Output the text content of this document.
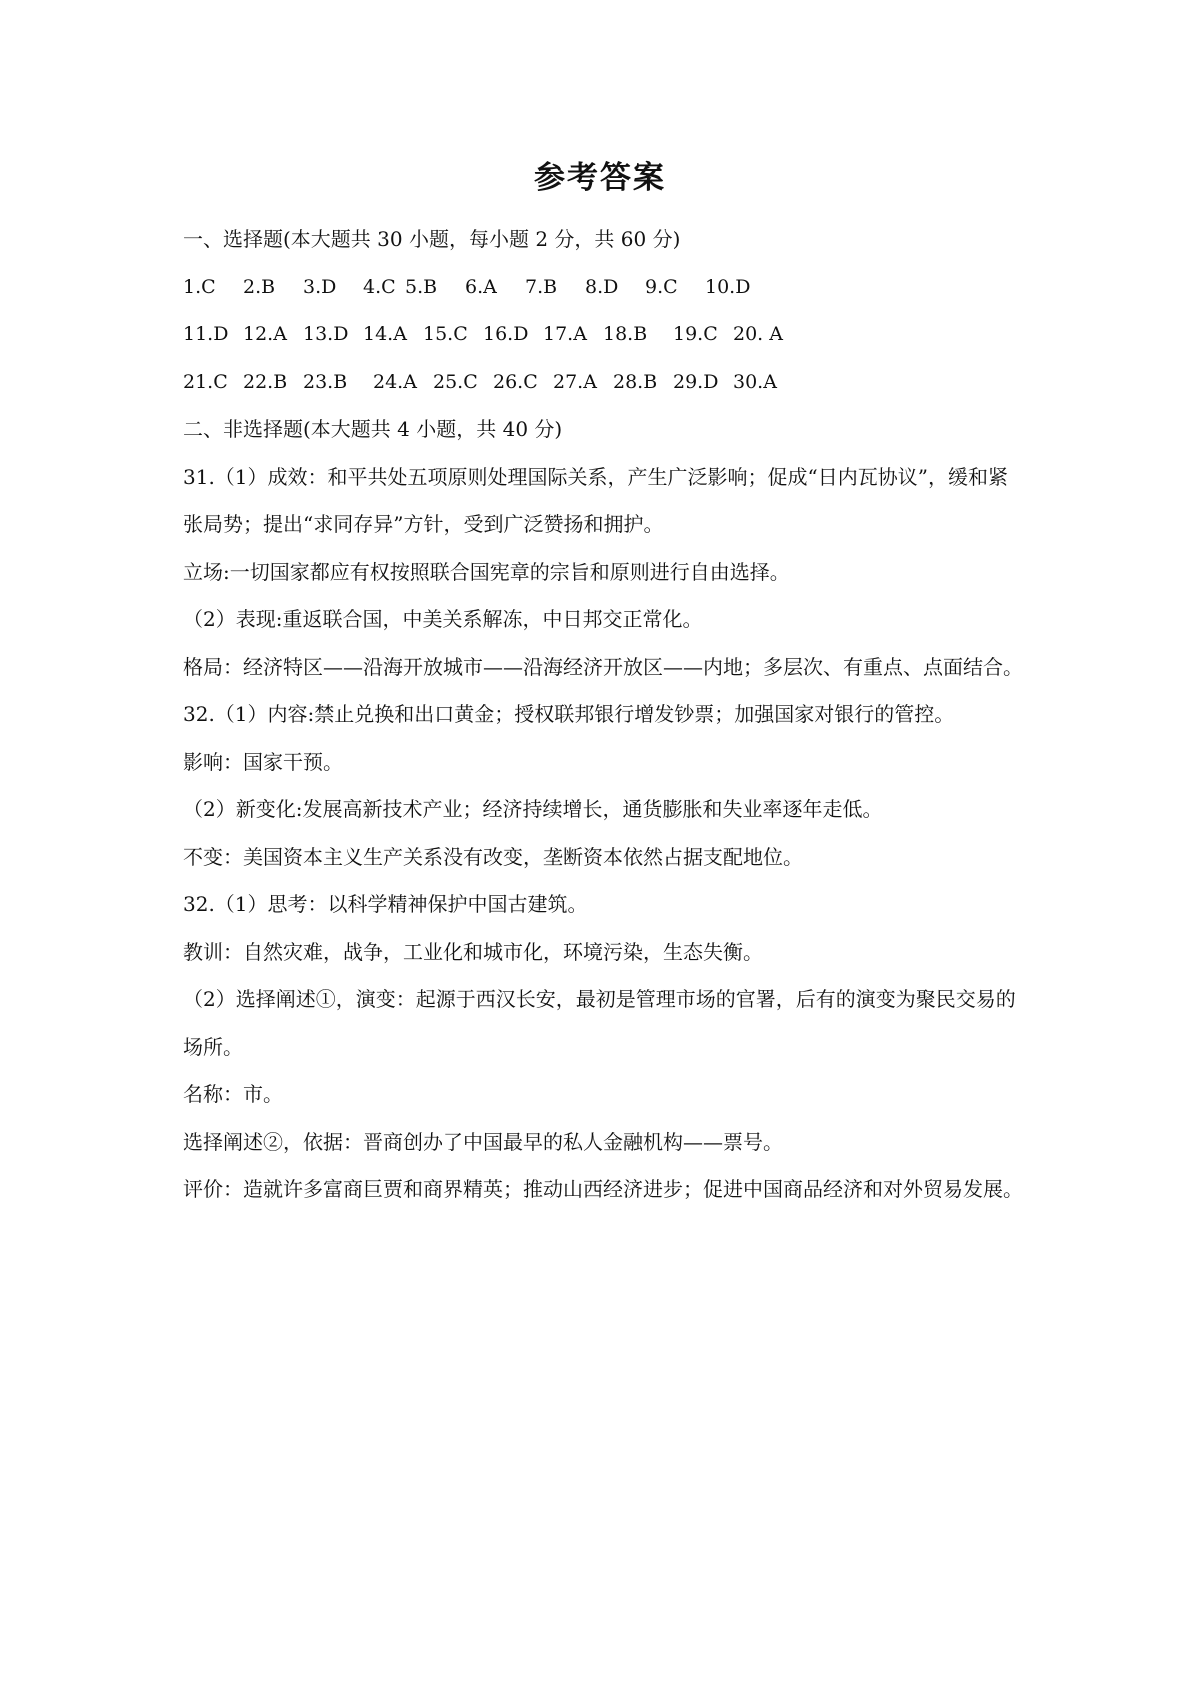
参考答案
一、选择题(本大题共 30 小题，每小题 2 分，共 60 分)
1.C	2.B	3.D	4.C 5.B	6.A	7.B	8.D	9.C	10.D
11.D 12.A 13.D 14.A 15.C 16.D 17.A 18.B	19.C 20. A
21.C 22.B 23.B	24.A 25.C 26.C 27.A 28.B 29.D 30.A
二、非选择题(本大题共 4 小题，共 40 分)
31.（1）成效：和平共处五项原则处理国际关系，产生广泛影响；促成“日内瓦协议”，缓和紧张局势；提出“求同存异”方针，受到广泛赞扬和拥护。
立场:一切国家都应有权按照联合国宪章的宗旨和原则进行自由选择。
（2）表现:重返联合国，中美关系解冻，中日邦交正常化。
格局：经济特区——沿海开放城市——沿海经济开放区——内地；多层次、有重点、点面结合。
32.（1）内容:禁止兑换和出口黄金；授权联邦银行增发钞票；加强国家对银行的管控。
影响：国家干预。
（2）新变化:发展高新技术产业；经济持续增长，通货膨胀和失业率逐年走低。
不变：美国资本主义生产关系没有改变，垄断资本依然占据支配地位。
32.（1）思考：以科学精神保护中国古建筑。
教训：自然灾难，战争，工业化和城市化，环境污染，生态失衡。
（2）选择阐述①，演变：起源于西汉长安，最初是管理市场的官署，后有的演变为聚民交易的场所。
名称：市。
选择阐述②，依据：晋商创办了中国最早的私人金融机构——票号。
评价：造就许多富商巨贾和商界精英；推动山西经济进步；促进中国商品经济和对外贸易发展。
